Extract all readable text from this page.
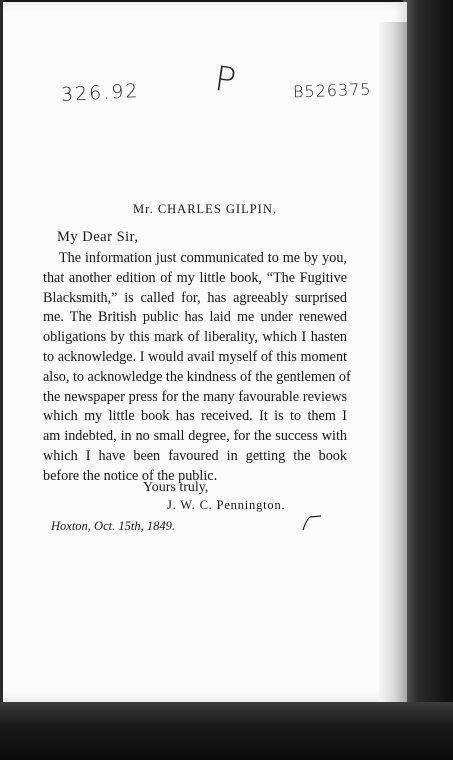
326.92 P	B526375
Mr. CHARLES GILPIN,
My Dear Sir,
The information just communicated to me by you,
that another edition of my little book, “The Fugitive
Blacksmith,” is called for, has agreeably surprised
me. The British public has laid me under renewed
obligations by this mark of liberality, which I hasten
to acknowledge. I would avail myself of this moment
also, to acknowledge the kindness of the gentlemen of
the newspaper press for the many favourable reviews
which my little book has received. It is to them I
am indebted, in no small degree, for the success with
which I have been favoured in getting the book
before the notice of the public.
Yours truly,
J. W. C. Pennington.
Hoxton, Oct. 15th, 1849.
